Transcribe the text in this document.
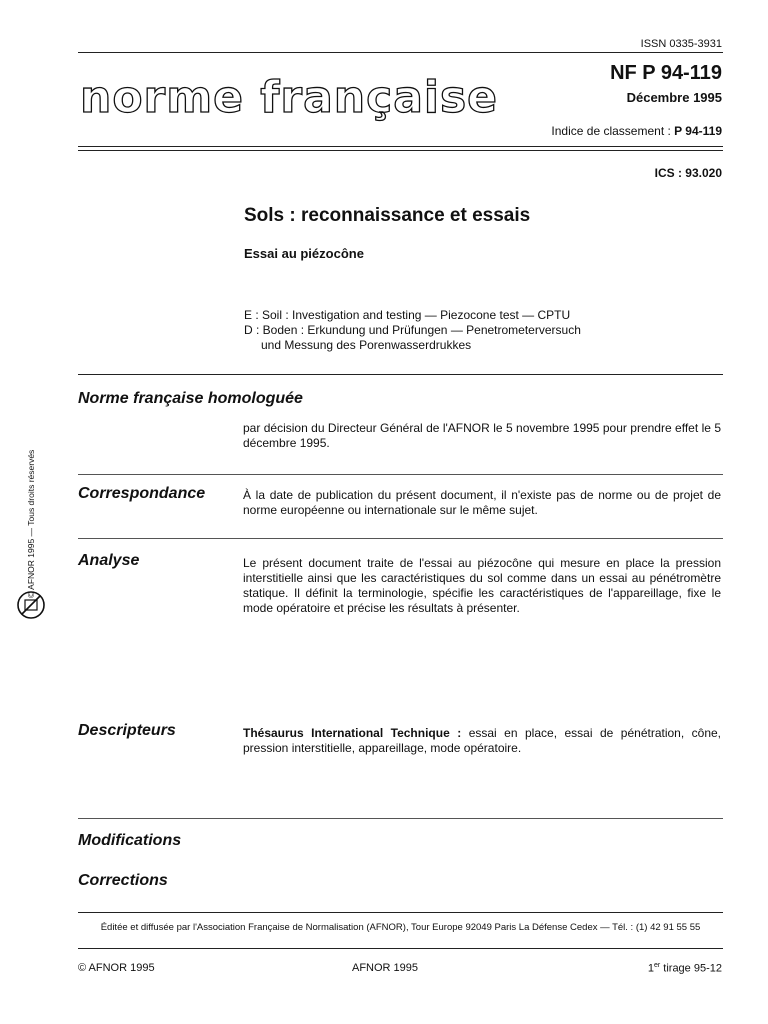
ISSN 0335-3931
norme française	NF P 94-119
Décembre 1995
Indice de classement : P 94-119
ICS : 93.020
Sols : reconnaissance et essais
Essai au piézocône
E : Soil : Investigation and testing — Piezocone test — CPTU
D : Boden : Erkundung und Prüfungen — Penetrometerversuch
und Messung des Porenwasserdrukkes
Norme française homologuée
par décision du Directeur Général de l'AFNOR le 5 novembre 1995 pour prendre effet le 5 décembre 1995.
Correspondance	À la date de publication du présent document, il n'existe pas de norme ou de projet de norme européenne ou internationale sur le même sujet.
Analyse	Le présent document traite de l'essai au piézocône qui mesure en place la pression interstitielle ainsi que les caractéristiques du sol comme dans un essai au pénétromètre statique. Il définit la terminologie, spécifie les caractéristiques de l'appareillage, fixe le mode opératoire et précise les résultats à présenter.
Descripteurs	Thésaurus International Technique : essai en place, essai de pénétration, cône, pression interstitielle, appareillage, mode opératoire.
Modifications
Corrections
Éditée et diffusée par l'Association Française de Normalisation (AFNOR), Tour Europe 92049 Paris La Défense Cedex — Tél. : (1) 42 91 55 55
© AFNOR 1995	AFNOR 1995	1er tirage 95-12
© AFNOR 1995 — Tous droits réservés
